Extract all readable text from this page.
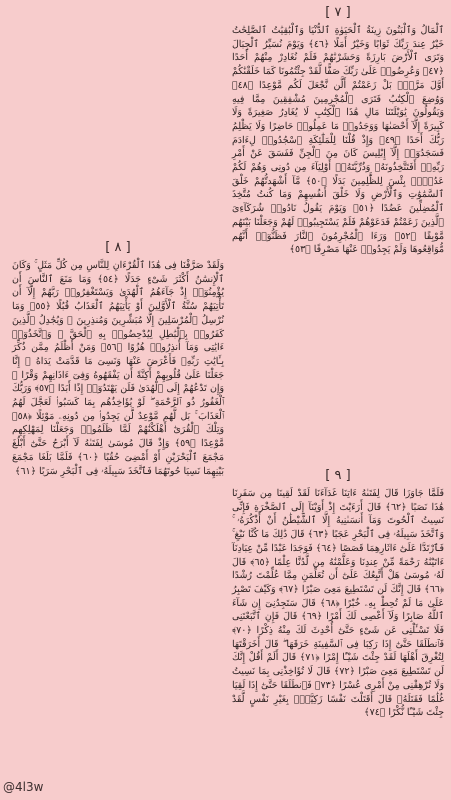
[ ٧ ]

ٱلْمَالُ وَٱلْبَنُونَ زِينَةُ ٱلْحَيَوٰةِ ٱلدُّنْيَا وَٱلْبَٰقِيَٰتُ ٱلصَّٰلِحَٰتُ خَيْرٌ عِندَ رَبِّكَ ثَوَابًا وَخَيْرٌ أَمَلًا ﴿٤٦﴾ وَيَوْمَ نُسَيِّرُ ٱلْجِبَالَ وَتَرَى ٱلْأَرْضَ بَارِزَةً وَحَشَرْنَٰهُمْ فَلَمْ نُغَادِرْ مِنْهُمْ أَحَدًا ﴿٤٧﴾ وَعُرِضُوا۟ عَلَىٰ رَبِّكَ صَفًّا لَّقَدْ جِئْتُمُونَا كَمَا خَلَقْنَٰكُمْ أَوَّلَ مَرَّةٍۭ بَلْ زَعَمْتُمْ أَلَّن نَّجْعَلَ لَكُم مَّوْعِدًا ﴿٤٨﴾ وَوُضِعَ ٱلْكِتَٰبُ فَتَرَى ٱلْمُجْرِمِينَ مُشْفِقِينَ مِمَّا فِيهِ وَيَقُولُونَ يَٰوَيْلَتَنَا مَالِ هَٰذَا ٱلْكِتَٰبِ لَا يُغَادِرُ صَغِيرَةً وَلَا كَبِيرَةً إِلَّآ أَحْصَىٰهَا وَوَجَدُوا۟ مَا عَمِلُوا۟ حَاضِرًا وَلَا يَظْلِمُ رَبُّكَ أَحَدًا ﴿٤٩﴾ وَإِذْ قُلْنَا لِلْمَلَٰٓئِكَةِ ٱسْجُدُوا۟ لِءَادَمَ فَسَجَدُوٓا۟ إِلَّآ إِبْلِيسَ كَانَ مِنَ ٱلْجِنِّ فَفَسَقَ عَنْ أَمْرِ رَبِّهِۦٓ أَفَتَتَّخِذُونَهُۥ وَذُرِّيَّتَهُۥٓ أَوْلِيَآءَ مِن دُونِى وَهُمْ لَكُمْ عَدُوٌّۢ بِئْسَ لِلظَّٰلِمِينَ بَدَلًا ﴿٥٠﴾ مَّآ أَشْهَدتُّهُمْ خَلْقَ ٱلسَّمَٰوَٰتِ وَٱلْأَرْضِ وَلَا خَلْقَ أَنفُسِهِمْ وَمَا كُنتُ مُتَّخِذَ ٱلْمُضِلِّينَ عَضُدًا ﴿٥١﴾ وَيَوْمَ يَقُولُ نَادُوا۟ شُرَكَآءِىَ ٱلَّذِينَ زَعَمْتُمْ فَدَعَوْهُمْ فَلَمْ يَسْتَجِيبُوا۟ لَهُمْ وَجَعَلْنَا بَيْنَهُم مَّوْبِقًا ﴿٥٢﴾ وَرَءَا ٱلْمُجْرِمُونَ ٱلنَّارَ فَظَنُّوٓا۟ أَنَّهُم مُّوَاقِعُوهَا وَلَمْ يَجِدُوا۟ عَنْهَا مَصْرِفًا ﴿٥٣﴾

[ ٨ ]

وَلَقَدْ صَرَّفْنَا فِى هَٰذَا ٱلْقُرْءَانِ لِلنَّاسِ مِن كُلِّ مَثَلٍ ۚ وَكَانَ ٱلْإِنسَٰنُ أَكْثَرَ شَىْءٍ جَدَلًا ﴿٥٤﴾ وَمَا مَنَعَ ٱلنَّاسَ أَن يُؤْمِنُوٓا۟ إِذْ جَآءَهُمُ ٱلْهُدَىٰ وَيَسْتَغْفِرُوا۟ رَبَّهُمْ إِلَّآ أَن تَأْتِيَهُمْ سُنَّةُ ٱلْأَوَّلِينَ أَوْ يَأْتِيَهُمُ ٱلْعَذَابُ قُبُلًا ﴿٥٥﴾ وَمَا نُرْسِلُ ٱلْمُرْسَلِينَ إِلَّا مُبَشِّرِينَ وَمُنذِرِينَ ۚ وَيُجَٰدِلُ ٱلَّذِينَ كَفَرُوا۟ بِٱلْبَٰطِلِ لِيُدْحِضُوا۟ بِهِ ٱلْحَقَّ ۖ وَٱتَّخَذُوٓا۟ ءَايَٰتِى وَمَآ أُنذِرُوا۟ هُزُوًا ﴿٥٦﴾ وَمَنْ أَظْلَمُ مِمَّن ذُكِّرَ بِـَٔايَٰتِ رَبِّهِۦ فَأَعْرَضَ عَنْهَا وَنَسِىَ مَا قَدَّمَتْ يَدَاهُ ۚ إِنَّا جَعَلْنَا عَلَىٰ قُلُوبِهِمْ أَكِنَّةً أَن يَفْقَهُوهُ وَفِىٓ ءَاذَانِهِمْ وَقْرًا ۖ وَإِن تَدْعُهُمْ إِلَى ٱلْهُدَىٰ فَلَن يَهْتَدُوٓا۟ إِذًا أَبَدًا ﴿٥٧﴾ وَرَبُّكَ ٱلْغَفُورُ ذُو ٱلرَّحْمَةِ ۖ لَوْ يُؤَاخِذُهُم بِمَا كَسَبُوا۟ لَعَجَّلَ لَهُمُ ٱلْعَذَابَ ۚ بَل لَّهُم مَّوْعِدٌ لَّن يَجِدُوا۟ مِن دُونِهِۦ مَوْئِلًا ﴿٥٨﴾ وَتِلْكَ ٱلْقُرَىٰٓ أَهْلَكْنَٰهُمْ لَمَّا ظَلَمُوا۟ وَجَعَلْنَا لِمَهْلِكِهِم مَّوْعِدًا ﴿٥٩﴾ وَإِذْ قَالَ مُوسَىٰ لِفَتَىٰهُ لَآ أَبْرَحُ حَتَّىٰٓ أَبْلُغَ مَجْمَعَ ٱلْبَحْرَيْنِ أَوْ أَمْضِىَ حُقُبًا ﴿٦٠﴾ فَلَمَّا بَلَغَا مَجْمَعَ بَيْنِهِمَا نَسِيَا حُوتَهُمَا فَٱتَّخَذَ سَبِيلَهُۥ فِى ٱلْبَحْرِ سَرَبًا ﴿٦١﴾	[ ٩ ]

فَلَمَّا جَاوَزَا قَالَ لِفَتَىٰهُ ءَاتِنَا غَدَآءَنَا لَقَدْ لَقِينَا مِن سَفَرِنَا هَٰذَا نَصَبًا ﴿٦٢﴾ قَالَ أَرَءَيْتَ إِذْ أَوَيْنَآ إِلَى ٱلصَّخْرَةِ فَإِنِّى نَسِيتُ ٱلْحُوتَ وَمَآ أَنسَىٰنِيهُ إِلَّا ٱلشَّيْطَٰنُ أَنْ أَذْكُرَهُۥ ۚ وَٱتَّخَذَ سَبِيلَهُۥ فِى ٱلْبَحْرِ عَجَبًا ﴿٦٣﴾ قَالَ ذَٰلِكَ مَا كُنَّا نَبْغِ ۚ فَٱرْتَدَّا عَلَىٰٓ ءَاثَارِهِمَا قَصَصًا ﴿٦٤﴾ فَوَجَدَا عَبْدًا مِّنْ عِبَادِنَآ ءَاتَيْنَٰهُ رَحْمَةً مِّنْ عِندِنَا وَعَلَّمْنَٰهُ مِن لَّدُنَّا عِلْمًا ﴿٦٥﴾ قَالَ لَهُۥ مُوسَىٰ هَلْ أَتَّبِعُكَ عَلَىٰٓ أَن تُعَلِّمَنِ مِمَّا عُلِّمْتَ رُشْدًا ﴿٦٦﴾ قَالَ إِنَّكَ لَن تَسْتَطِيعَ مَعِىَ صَبْرًا ﴿٦٧﴾ وَكَيْفَ تَصْبِرُ عَلَىٰ مَا لَمْ تُحِطْ بِهِۦ خُبْرًا ﴿٦٨﴾ قَالَ سَتَجِدُنِىٓ إِن شَآءَ ٱللَّهُ صَابِرًا وَلَآ أَعْصِى لَكَ أَمْرًا ﴿٦٩﴾ قَالَ فَإِنِ ٱتَّبَعْتَنِى فَلَا تَسْـَٔلْنِى عَن شَىْءٍ حَتَّىٰٓ أُحْدِثَ لَكَ مِنْهُ ذِكْرًا ﴿٧٠﴾ فَٱنطَلَقَا حَتَّىٰٓ إِذَا رَكِبَا فِى ٱلسَّفِينَةِ خَرَقَهَا ۖ قَالَ أَخَرَقْتَهَا لِتُغْرِقَ أَهْلَهَا لَقَدْ جِئْتَ شَيْـًٔا إِمْرًا ﴿٧١﴾ قَالَ أَلَمْ أَقُلْ إِنَّكَ لَن تَسْتَطِيعَ مَعِىَ صَبْرًا ﴿٧٢﴾ قَالَ لَا تُؤَاخِذْنِى بِمَا نَسِيتُ وَلَا تُرْهِقْنِى مِنْ أَمْرِى عُسْرًا ﴿٧٣﴾ فَٱنطَلَقَا حَتَّىٰٓ إِذَا لَقِيَا غُلَٰمًا فَقَتَلَهُۥ قَالَ أَقَتَلْتَ نَفْسًا زَكِيَّةًۢ بِغَيْرِ نَفْسٍ لَّقَدْ جِئْتَ شَيْـًٔا نُّكْرًا ﴿٧٤﴾

@4l3w
